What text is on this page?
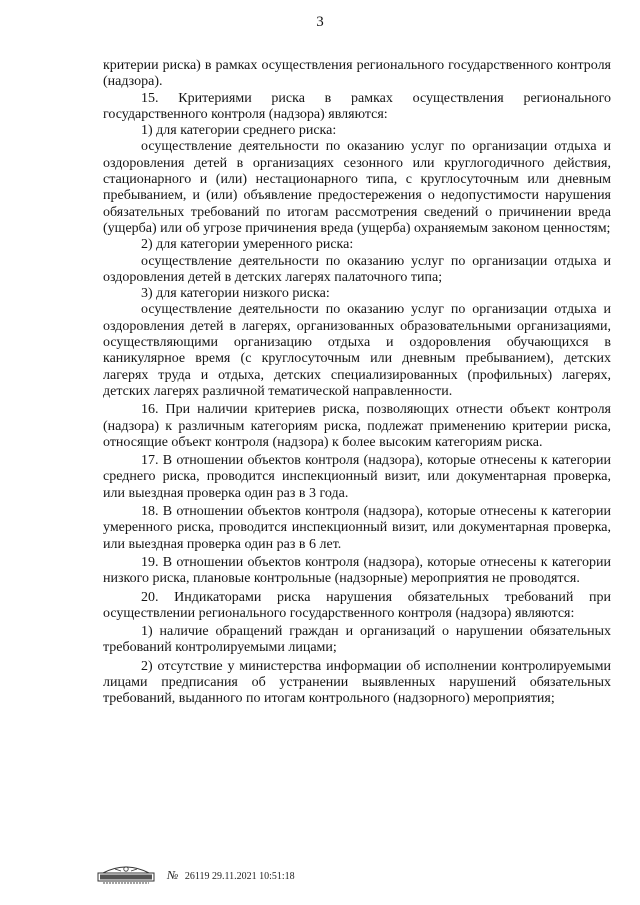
3

критерии риска) в рамках осуществления регионального государственного контроля (надзора).

15. Критериями риска в рамках осуществления регионального государственного контроля (надзора) являются:

1) для категории среднего риска:

осуществление деятельности по оказанию услуг по организации отдыха и оздоровления детей в организациях сезонного или круглогодичного действия, стационарного и (или) нестационарного типа, с круглосуточным или дневным пребыванием, и (или) объявление предостережения о недопустимости нарушения обязательных требований по итогам рассмотрения сведений о причинении вреда (ущерба) или об угрозе причинения вреда (ущерба) охраняемым законом ценностям;

2) для категории умеренного риска:

осуществление деятельности по оказанию услуг по организации отдыха и оздоровления детей в детских лагерях палаточного типа;

3) для категории низкого риска:

осуществление деятельности по оказанию услуг по организации отдыха и оздоровления детей в лагерях, организованных образовательными организациями, осуществляющими организацию отдыха и оздоровления обучающихся в каникулярное время (с круглосуточным или дневным пребыванием), детских лагерях труда и отдыха, детских специализированных (профильных) лагерях, детских лагерях различной тематической направленности.

16. При наличии критериев риска, позволяющих отнести объект контроля (надзора) к различным категориям риска, подлежат применению критерии риска, относящие объект контроля (надзора) к более высоким категориям риска.

17. В отношении объектов контроля (надзора), которые отнесены к категории среднего риска, проводится инспекционный визит, или документарная проверка, или выездная проверка один раз в 3 года.

18. В отношении объектов контроля (надзора), которые отнесены к категории умеренного риска, проводится инспекционный визит, или документарная проверка, или выездная проверка один раз в 6 лет.

19. В отношении объектов контроля (надзора), которые отнесены к категории низкого риска, плановые контрольные (надзорные) мероприятия не проводятся.

20. Индикаторами риска нарушения обязательных требований при осуществлении регионального государственного контроля (надзора) являются:

1) наличие обращений граждан и организаций о нарушении обязательных требований контролируемыми лицами;

2) отсутствие у министерства информации об исполнении контролируемыми лицами предписания об устранении выявленных нарушений обязательных требований, выданного по итогам контрольного (надзорного) мероприятия;

№ 26119 29.11.2021 10:51:18
